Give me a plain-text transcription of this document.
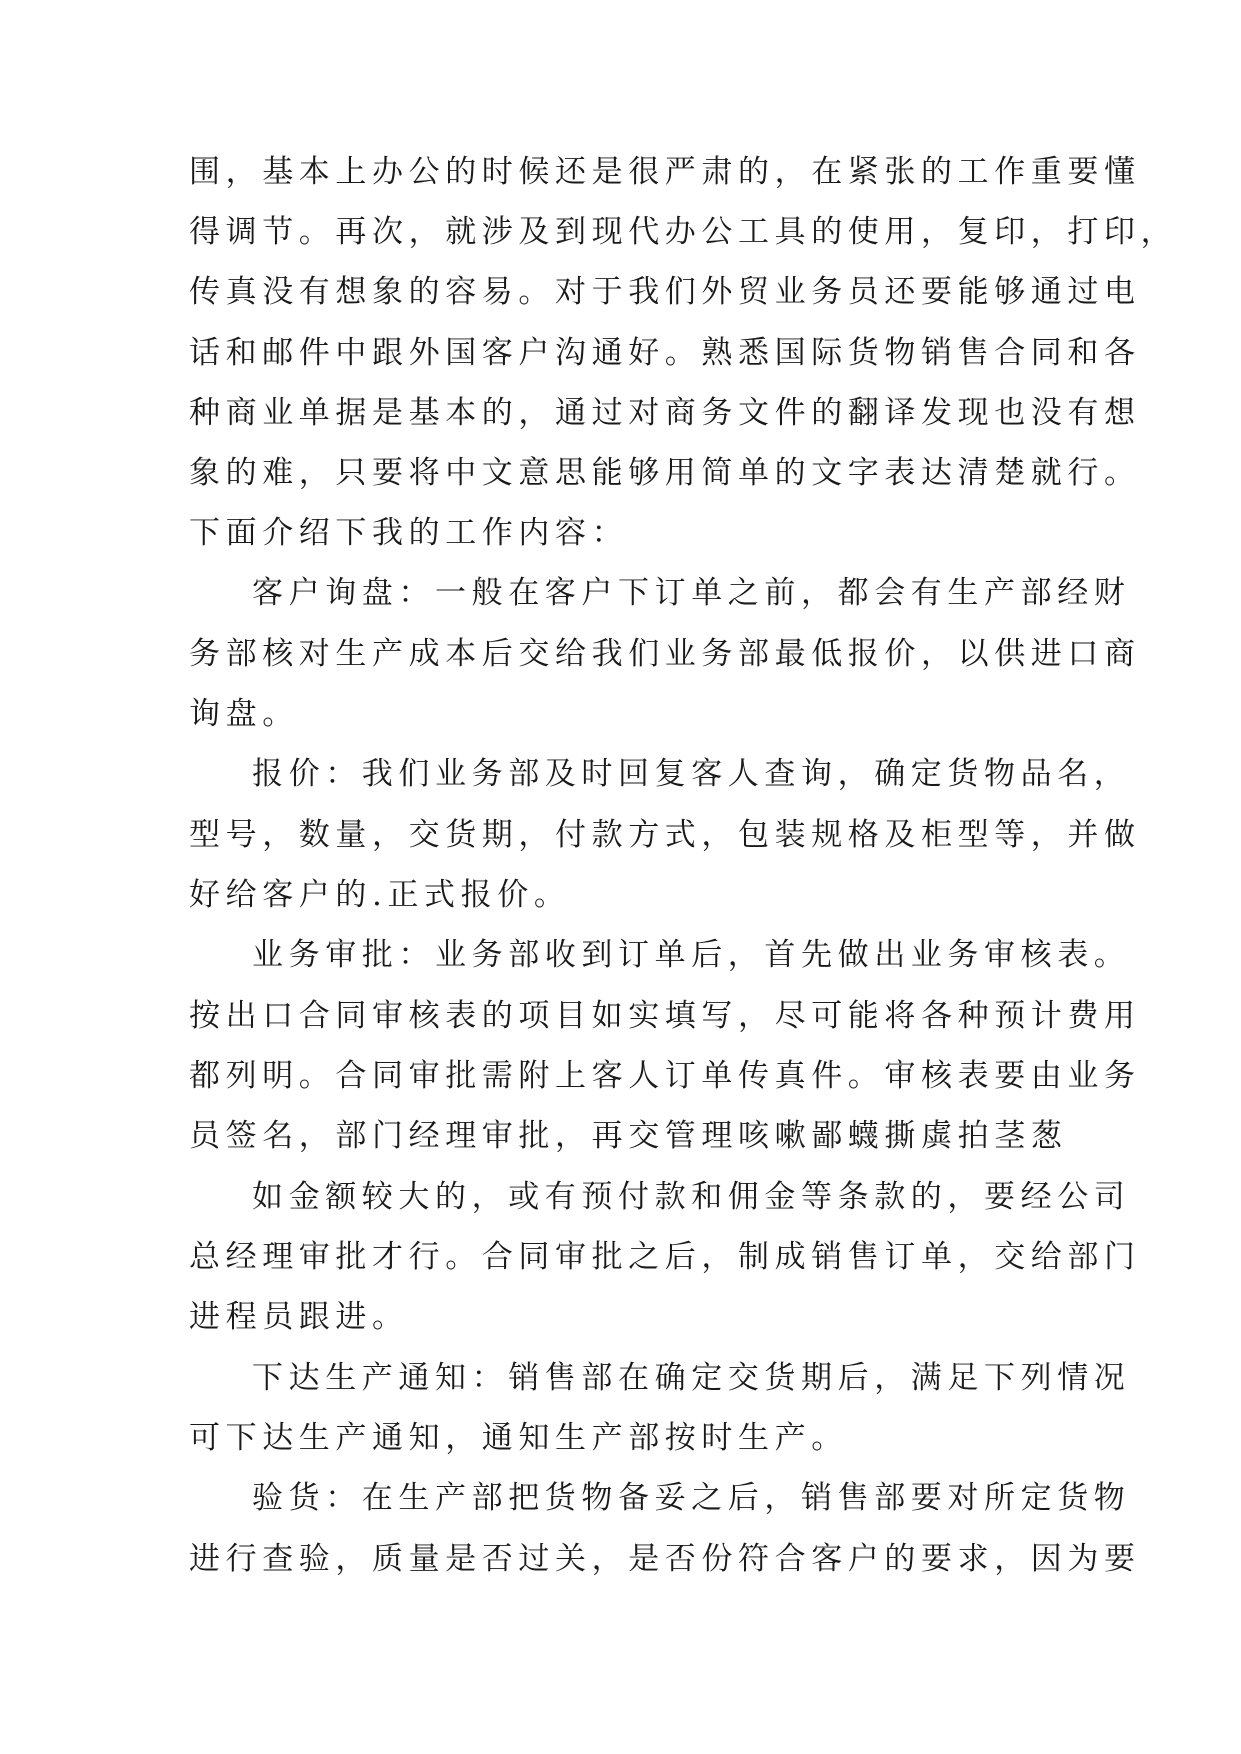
围，基本上办公的时候还是很严肃的，在紧张的工作重要懂

得调节。再次，就涉及到现代办公工具的使用，复印，打印，

传真没有想象的容易。对于我们外贸业务员还要能够通过电

话和邮件中跟外国客户沟通好。熟悉国际货物销售合同和各

种商业单据是基本的，通过对商务文件的翻译发现也没有想

象的难，只要将中文意思能够用简单的文字表达清楚就行。

下面介绍下我的工作内容：

客户询盘：一般在客户下订单之前，都会有生产部经财

务部核对生产成本后交给我们业务部最低报价，以供进口商

询盘。

报价：我们业务部及时回复客人查询，确定货物品名，

型号，数量，交货期，付款方式，包装规格及柜型等，并做

好给客户的.正式报价。

业务审批：业务部收到订单后，首先做出业务审核表。

按出口合同审核表的项目如实填写，尽可能将各种预计费用

都列明。合同审批需附上客人订单传真件。审核表要由业务

员签名，部门经理审批，再交管理咳嗽鄙蠛撕虡拍茎葱

如金额较大的，或有预付款和佣金等条款的，要经公司

总经理审批才行。合同审批之后，制成销售订单，交给部门

进程员跟进。

下达生产通知：销售部在确定交货期后，满足下列情况

可下达生产通知，通知生产部按时生产。

验货：在生产部把货物备妥之后，销售部要对所定货物

进行查验，质量是否过关，是否份符合客户的要求，因为要
